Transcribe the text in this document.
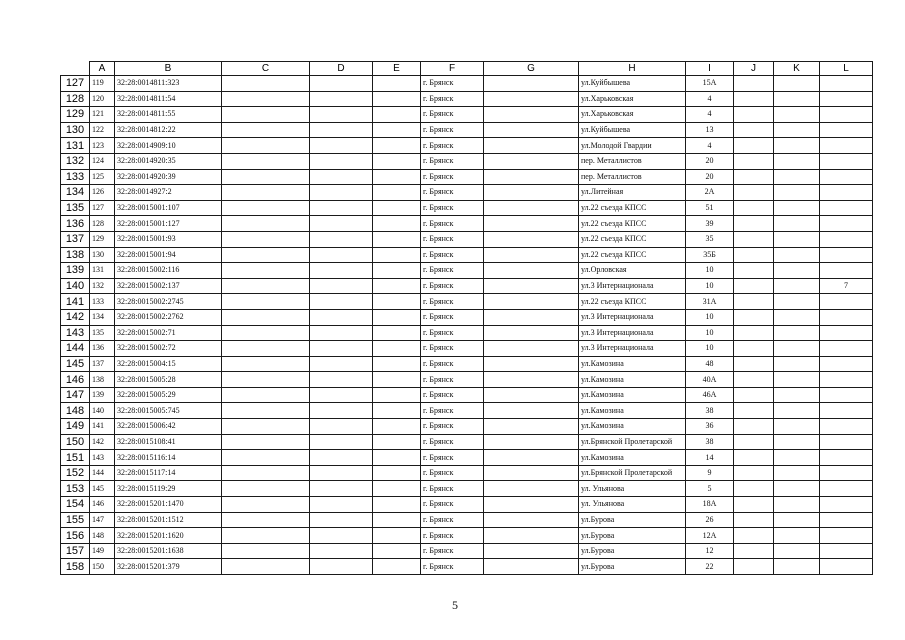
	A	B	C	D	E	F	G	H	I	J	K	L
127	119	32:28:0014811:323				г. Брянск		ул.Куйбышева	15А			
128	120	32:28:0014811:54				г. Брянск		ул.Харьковская	4			
129	121	32:28:0014811:55				г. Брянск		ул.Харьковская	4			
130	122	32:28:0014812:22				г. Брянск		ул.Куйбышева	13			
131	123	32:28:0014909:10				г. Брянск		ул.Молодой Гвардии	4			
132	124	32:28:0014920:35				г. Брянск		пер. Металлистов	20			
133	125	32:28:0014920:39				г. Брянск		пер. Металлистов	20			
134	126	32:28:0014927:2				г. Брянск		ул.Литейная	2А			
135	127	32:28:0015001:107				г. Брянск		ул.22 съезда КПСС	51			
136	128	32:28:0015001:127				г. Брянск		ул.22 съезда КПСС	39			
137	129	32:28:0015001:93				г. Брянск		ул.22 съезда КПСС	35			
138	130	32:28:0015001:94				г. Брянск		ул.22 съезда КПСС	35Б			
139	131	32:28:0015002:116				г. Брянск		ул.Орловская	10			
140	132	32:28:0015002:137				г. Брянск		ул.3 Интернационала	10			7
141	133	32:28:0015002:2745				г. Брянск		ул.22 съезда КПСС	31А			
142	134	32:28:0015002:2762				г. Брянск		ул.3 Интернационала	10			
143	135	32:28:0015002:71				г. Брянск		ул.3 Интернационала	10			
144	136	32:28:0015002:72				г. Брянск		ул.3 Интернационала	10			
145	137	32:28:0015004:15				г. Брянск		ул.Камозина	48			
146	138	32:28:0015005:28				г. Брянск		ул.Камозина	40А			
147	139	32:28:0015005:29				г. Брянск		ул.Камозина	46А			
148	140	32:28:0015005:745				г. Брянск		ул.Камозина	38			
149	141	32:28:0015006:42				г. Брянск		ул.Камозина	36			
150	142	32:28:0015108:41				г. Брянск		ул.Брянской Пролетарской	38			
151	143	32:28:0015116:14				г. Брянск		ул.Камозина	14			
152	144	32:28:0015117:14				г. Брянск		ул.Брянской Пролетарской	9			
153	145	32:28:0015119:29				г. Брянск		ул. Ульянова	5			
154	146	32:28:0015201:1470				г. Брянск		ул. Ульянова	18А			
155	147	32:28:0015201:1512				г. Брянск		ул.Бурова	26			
156	148	32:28:0015201:1620				г. Брянск		ул.Бурова	12А			
157	149	32:28:0015201:1638				г. Брянск		ул.Бурова	12			
158	150	32:28:0015201:379				г. Брянск		ул.Бурова	22			
5
